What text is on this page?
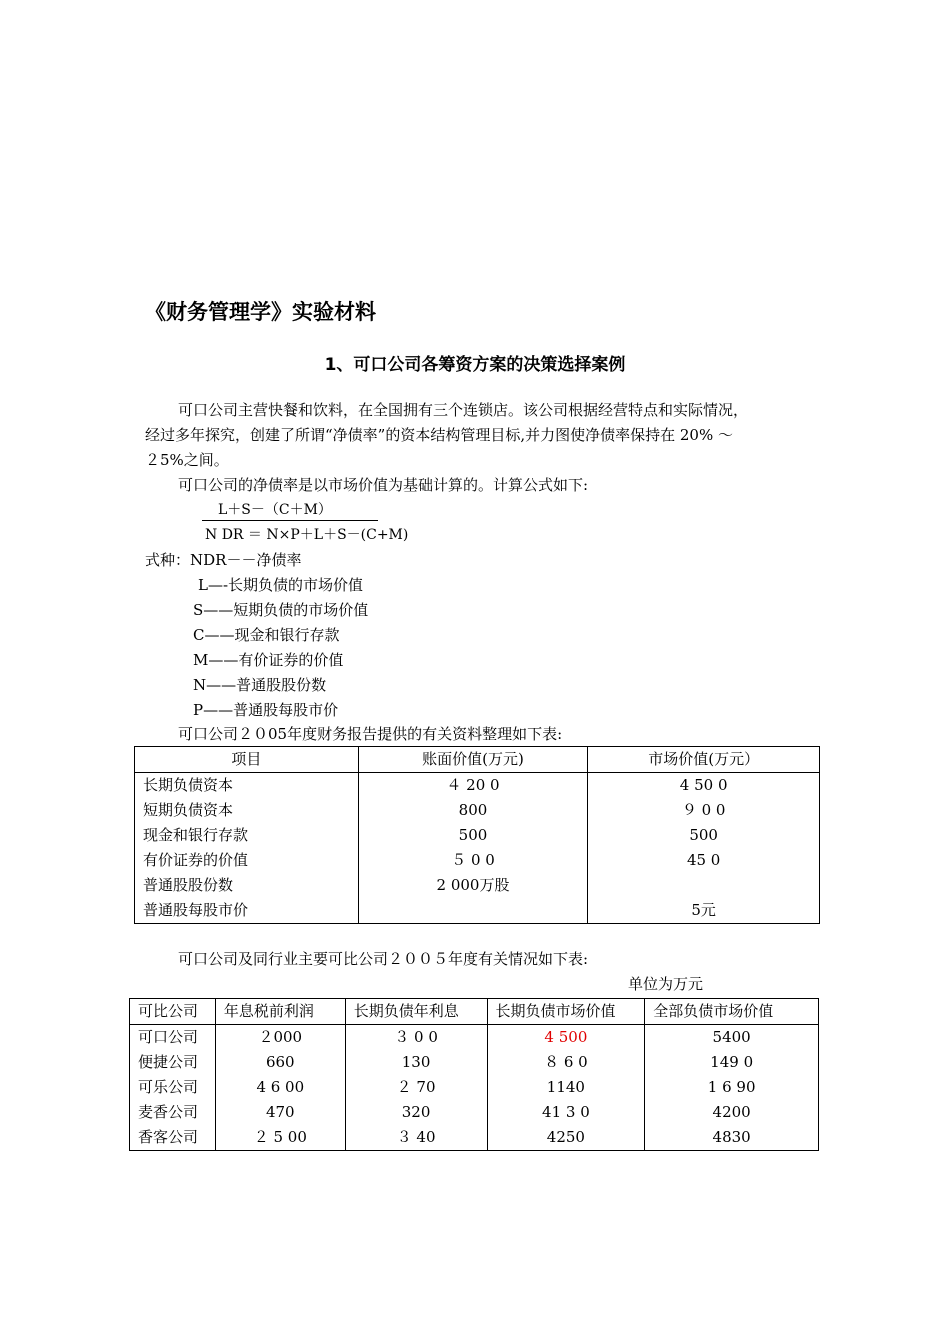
《财务管理学》实验材料
1、可口公司各筹资方案的决策选择案例
可口公司主营快餐和饮料，在全国拥有三个连锁店。该公司根据经营特点和实际情况，
经过多年探究，创建了所谓“净债率”的资本结构管理目标,并力图使净债率保持在 20% ～
２5%之间。
可口公司的净债率是以市场价值为基础计算的。计算公式如下:
L＋S－（C＋M）
N DR ＝ N×P＋L＋S－(C+M)
式种：NDR－－净债率
L—-长期负债的市场价值
S——短期负债的市场价值
C——现金和银行存款
M——有价证券的价值
N——普通股股份数
P——普通股每股市价
可口公司２０05年度财务报告提供的有关资料整理如下表:
项目	账面价值(万元)	市场价值(万元）
长期负债资本	４ 20 0	4 50 0
短期负债资本	800	９ 0 0
现金和银行存款	500	500
有价证券的价值	５ 0 0	45 0
普通股股份数	2 000万股	
普通股每股市价		5元
可口公司及同行业主要可比公司２００５年度有关情况如下表:
单位为万元
可比公司	年息税前利润	长期负债年利息	长期负债市场价值	全部负债市场价值
可口公司	２000	３ 0 0	4 500	5400
便捷公司	660	130	８ 6 0	149 0
可乐公司	4 6 00	２ 70	1140	1 6 90
麦香公司	470	320	41 3 0	4200
香客公司	２ 5 00	３ 40	4250	4830
